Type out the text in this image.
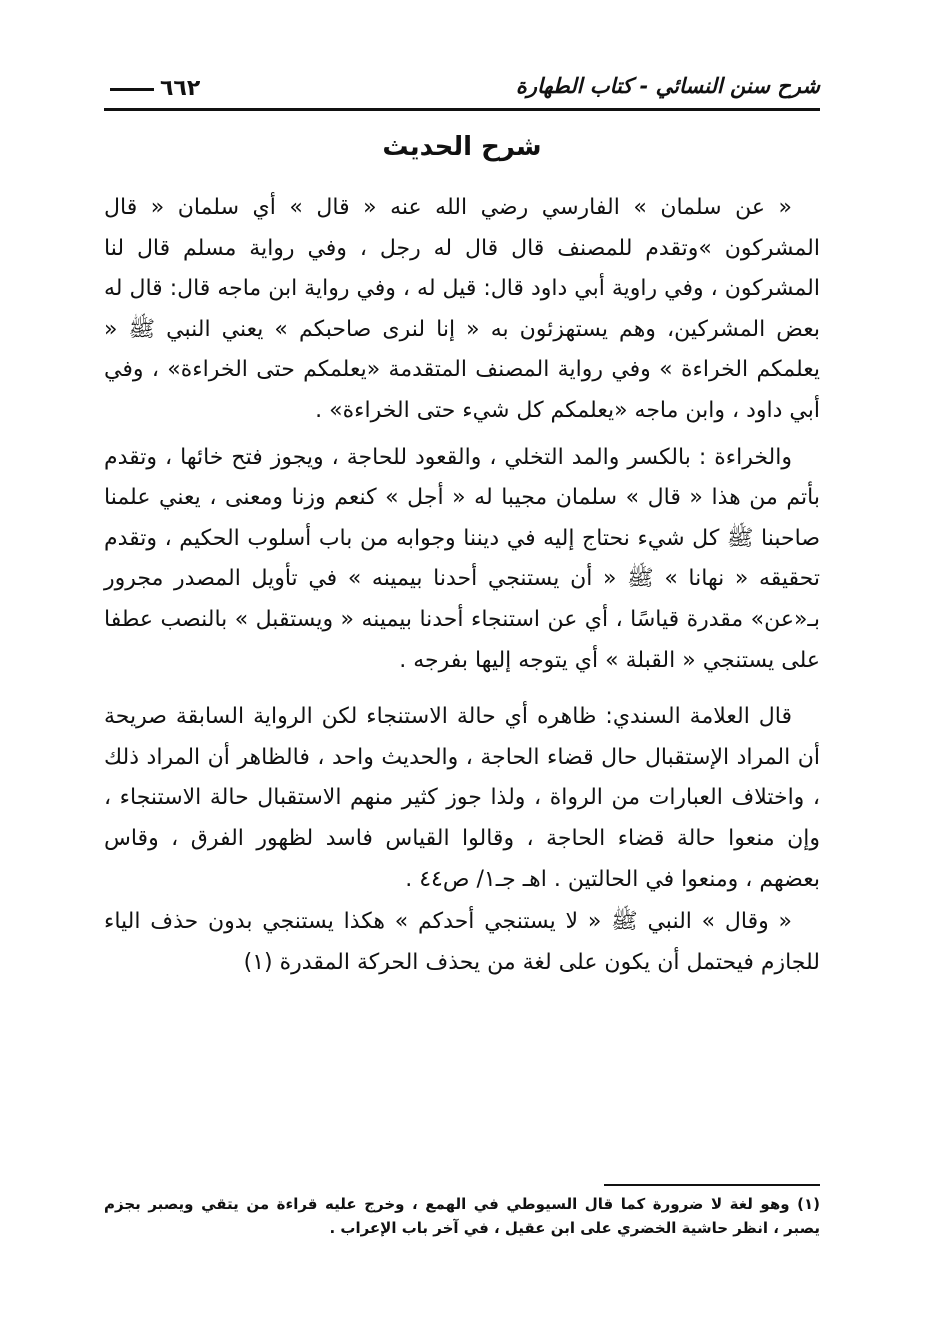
شرح سنن النسائي - كتاب الطهارة
٦٦٢
شرح الحديث

« عن سلمان » الفارسي رضي الله عنه « قال » أي سلمان « قال المشركون »وتقدم للمصنف قال قال له رجل ، وفي رواية مسلم قال لنا المشركون ، وفي راوية أبي داود قال: قيل له ، وفي رواية ابن ماجه قال: قال له بعض المشركين، وهم يستهزئون به « إنا لنرى صاحبكم » يعني النبي ﷺ « يعلمكم الخراءة » وفي رواية المصنف المتقدمة «يعلمكم حتى الخراءة» ، وفي أبي داود ، وابن ماجه «يعلمكم كل شيء حتى الخراءة» .

والخراءة : بالكسر والمد التخلي ، والقعود للحاجة ، ويجوز فتح خائها ، وتقدم بأتم من هذا « قال » سلمان مجيبا له « أجل » كنعم وزنا ومعنى ، يعني علمنا صاحبنا ﷺ كل شيء نحتاج إليه في ديننا وجوابه من باب أسلوب الحكيم ، وتقدم تحقيقه « نهانا » ﷺ « أن يستنجي أحدنا بيمينه » في تأويل المصدر مجرور بـ«عن» مقدرة قياسًا ، أي عن استنجاء أحدنا بيمينه « ويستقبل » بالنصب عطفا على يستنجي « القبلة » أي يتوجه إليها بفرجه .

قال العلامة السندي: ظاهره أي حالة الاستنجاء لكن الرواية السابقة صريحة أن المراد الإستقبال حال قضاء الحاجة ، والحديث واحد ، فالظاهر أن المراد ذلك ، واختلاف العبارات من الرواة ، ولذا جوز كثير منهم الاستقبال حالة الاستنجاء ، وإن منعوا حالة قضاء الحاجة ، وقالوا القياس فاسد لظهور الفرق ، وقاس بعضهم ، ومنعوا في الحالتين . اهـ جـ١/ ص٤٤ .

« وقال » النبي ﷺ « لا يستنجي أحدكم » هكذا يستنجي بدون حذف الياء للجازم فيحتمل أن يكون على لغة من يحذف الحركة المقدرة (١)

(١) وهو لغة لا ضرورة كما قال السيوطي في الهمع ، وخرج عليه قراءة من يتقي ويصبر بجزم يصبر ، انظر حاشية الخضري على ابن عقيل ، في آخر باب الإعراب .
